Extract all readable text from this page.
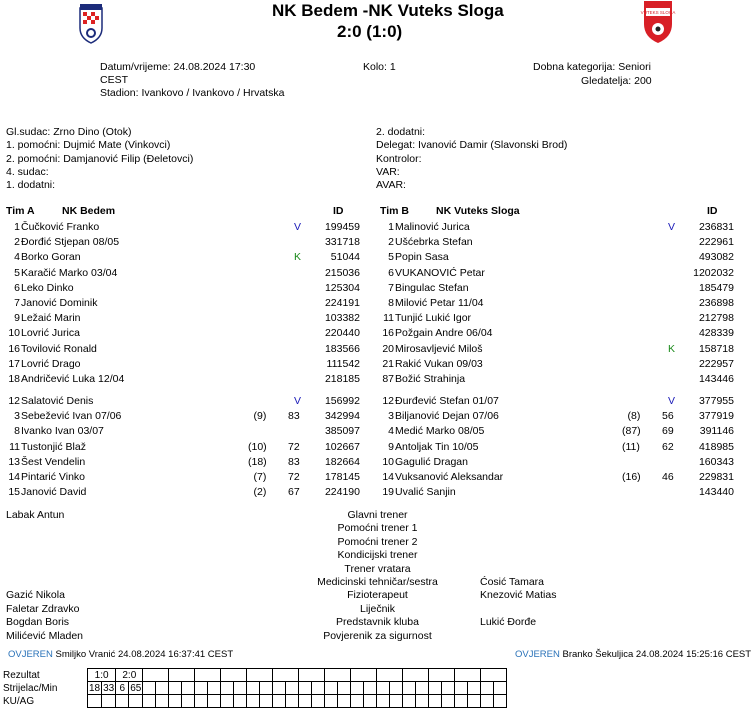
VUTEKS SLOGA
NK Bedem -NK Vuteks Sloga
2:0 (1:0)
Datum/vrijeme: 24.08.2024 17:30
CEST
Stadion: Ivankovo / Ivankovo / Hrvatska
Kolo: 1	Dobna kategorija: Seniori
Gledatelja: 200
Gl.sudac: Zrno Dino (Otok)
1. pomoćni: Dujmić Mate (Vinkovci)
2. pomoćni: Damjanović Filip (Đeletovci)
4. sudac:
1. dodatni:
2. dodatni:
Delegat: Ivanović Damir (Slavonski Brod)
Kontrolor:
VAR:
AVAR:
Tim A	NK Bedem	ID	Tim B	NK Vuteks Sloga	ID
1 Čučković Franko	V	199459
2 Đorđić Stjepan 08/05	331718
4 Borko Goran	K	51044
5 Karačić Marko 03/04	215036
6 Leko Dinko	125304
7 Janović Dominik	224191
9 Ležaić Marin	103382
10 Lovrić Jurica	220440
16 Tovilović Ronald	183566
17 Lovrić Drago	111542
18 Andričević Luka 12/04	218185
12 Salatović Denis	V	156992
3 Sebežević Ivan 07/06	(9) 83	342994
8 Ivanko Ivan 03/07	385097
11 Tustonjić Blaž	(10) 72	102667
13 Šest Vendelin	(18) 83	182664
14 Pintarić Vinko	(7) 72	178145
15 Janović David	(2) 67	224190
1 Malinović Jurica	V	236831
2 Ušćebrka Stefan	222961
5 Popin Sasa	493082
6 VUKANOVIĆ Petar	1202032
7 Bingulac Stefan	185479
8 Milović Petar 11/04	236898
11 Tunjić Lukić Igor	212798
16 Požgain Andre 06/04	428339
20 Mirosavljević Miloš	K	158718
21 Rakić Vukan 09/03	222957
87 Božić Strahinja	143446
12 Đurđević Stefan 01/07	V	377955
3 Biljanović Dejan 07/06	(8) 56	377919
4 Medić Marko 08/05	(87) 69	391146
9 Antoljak Tin 10/05	(11) 62	418985
10 Gagulić Dragan	160343
14 Vuksanović Aleksandar	(16) 46	229831
19 Uvalić Sanjin	143440
Labak Antun	Glavni trener
Pomoćni trener 1
Pomoćni trener 2
Kondicijski trener
Trener vratara
Medicinski tehničar/sestra	Ćosić Tamara
Gazić Nikola	Fizioterapeut	Knezović Matias
Faletar Zdravko	Liječnik
Bogdan Boris	Predstavnik kluba	Lukić Đorđe
Milićević Mladen	Povjerenik za sigurnost
OVJEREN Smiljko Vranić 24.08.2024 16:37:41 CEST	OVJEREN Branko Šekuljica 24.08.2024 15:25:16 CEST
Rezultat	1:0		2:0																													
Strijelac/Min	18	33	6	65																												
KU/AG																																
